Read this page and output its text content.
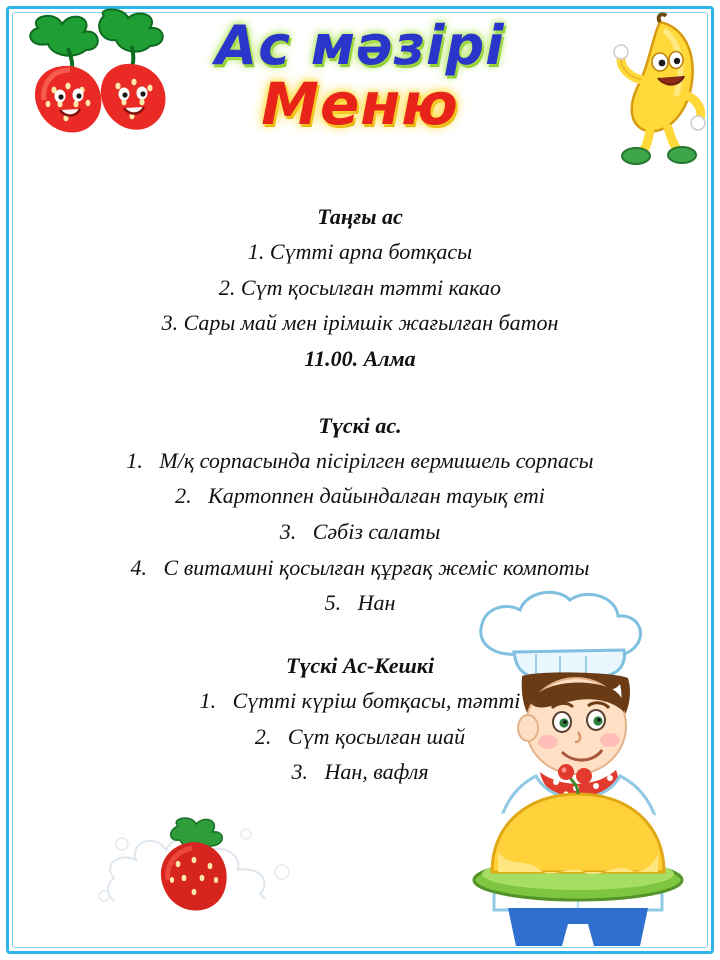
Ас мәзірі
Меню
Таңғы ас
1. Сүтті арпа ботқасы
2. Сүт қосылған тәтті какао
3. Сары май мен ірімшік жағылған батон
11.00. Алма
Түскі ас.
1.   М/қ сорпасында пісірілген вермишель сорпасы
2.   Картоппен дайындалған тауық еті
3.   Сәбіз салаты
4.   С витамині қосылған құрғақ жеміс компоты
5.   Нан
Түскі Ас-Кешкі
1.   Сүтті күріш ботқасы, тәтті
2.   Сүт қосылған шай
3.   Нан, вафля
